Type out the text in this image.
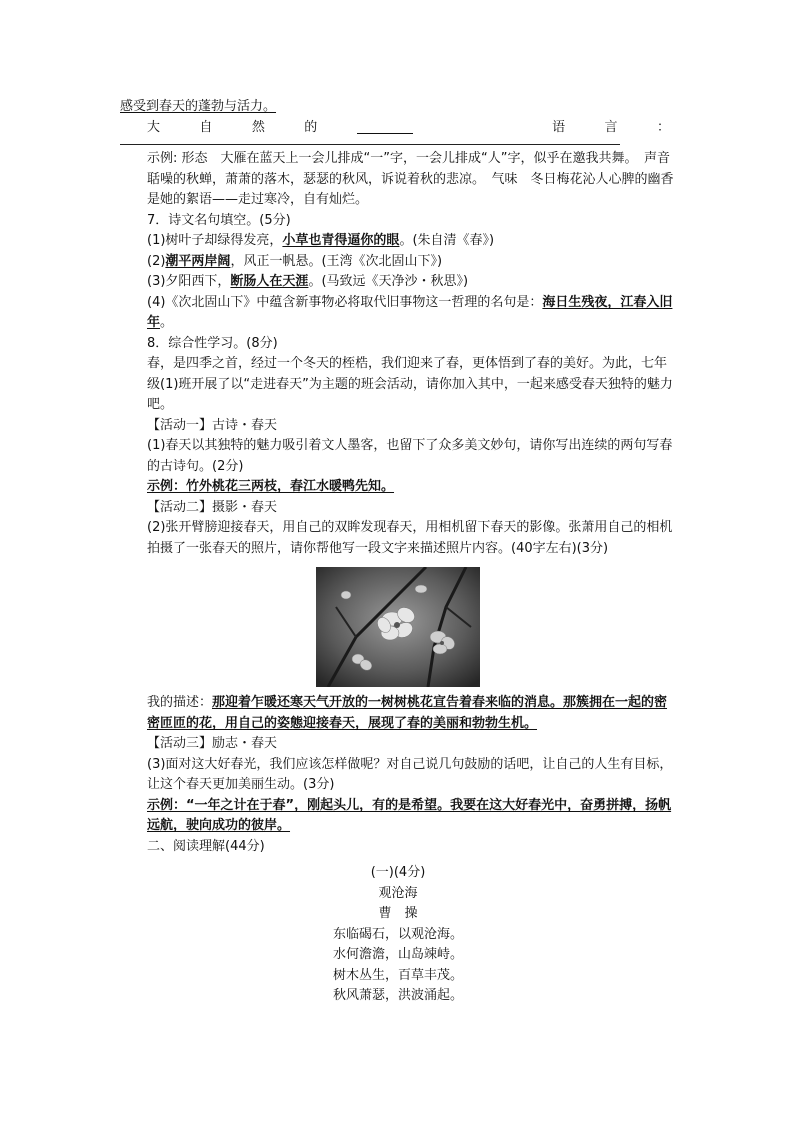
感受到春天的蓬勃与活力。
大	自	然	的	语	言	：
示例: 形态　大雁在蓝天上一会儿排成“一”字，一会儿排成“人”字，似乎在邀我共舞。　声音　聒噪的秋蝉，萧萧的落木，瑟瑟的秋风，诉说着秋的悲凉。　气味　冬日梅花沁人心脾的幽香是她的絮语——走过寒冷，自有灿烂。
7．诗文名句填空。(5分)
(1)树叶子却绿得发亮，小草也青得逼你的眼。(朱自清《春》)
(2)潮平两岸阔，风正一帆悬。(王湾《次北固山下》)
(3)夕阳西下，断肠人在天涯。(马致远《天净沙・秋思》)
(4)《次北固山下》中蕴含新事物必将取代旧事物这一哲理的名句是：海日生残夜，江春入旧年。
8．综合性学习。(8分)
春，是四季之首，经过一个冬天的桎梏，我们迎来了春，更体悟到了春的美好。为此，七年级(1)班开展了以“走进春天”为主题的班会活动，请你加入其中，一起来感受春天独特的魅力吧。
【活动一】古诗・春天
(1)春天以其独特的魅力吸引着文人墨客，也留下了众多美文妙句，请你写出连续的两句写春的古诗句。(2分)
示例：竹外桃花三两枝，春江水暖鸭先知。
【活动二】摄影・春天
(2)张开臂膀迎接春天，用自己的双眸发现春天，用相机留下春天的影像。张萧用自己的相机拍摄了一张春天的照片，请你帮他写一段文字来描述照片内容。(40字左右)(3分)
我的描述：那迎着乍暖还寒天气开放的一树树桃花宣告着春来临的消息。那簇拥在一起的密密匝匝的花，用自己的姿態迎接春天，展现了春的美丽和勃勃生机。
【活动三】励志・春天
(3)面对这大好春光，我们应该怎样做呢？对自己说几句鼓励的话吧，让自己的人生有目标，让这个春天更加美丽生动。(3分)
示例：“一年之计在于春”，刚起头儿，有的是希望。我要在这大好春光中，奋勇拼搏，扬帆远航，驶向成功的彼岸。
二、阅读理解(44分)
(一)(4分)
观沧海
曹　操
东临碣石，以观沧海。
水何澹澹，山岛竦峙。
树木丛生，百草丰茂。
秋风萧瑟，洪波涌起。
